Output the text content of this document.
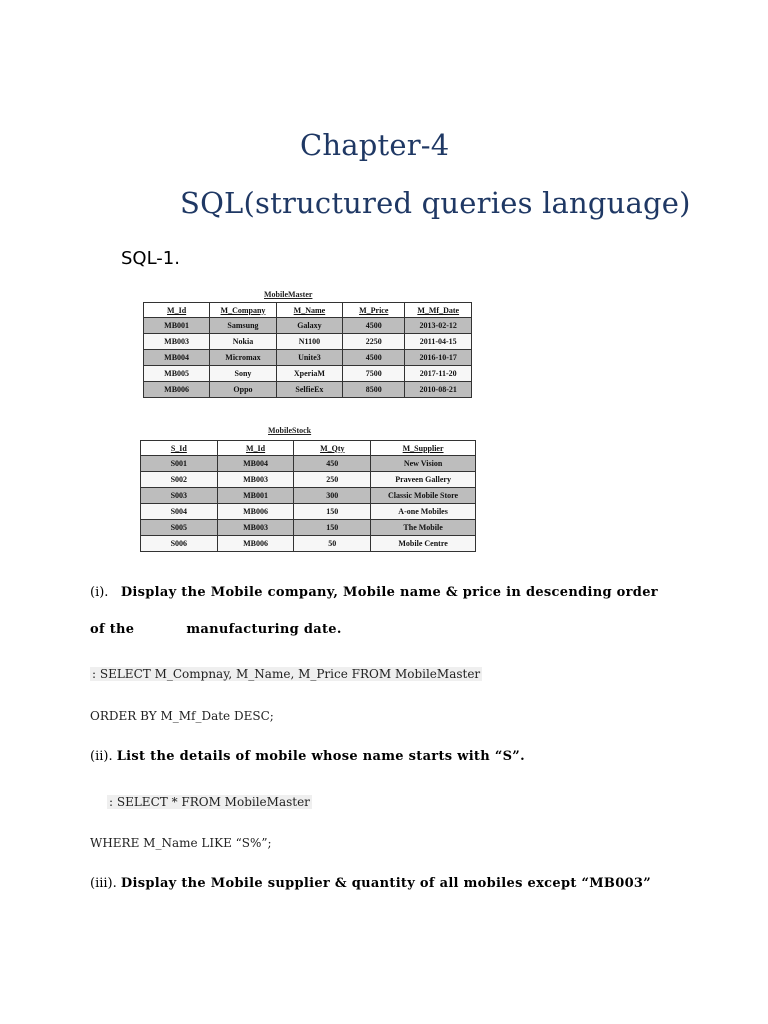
Chapter-4
SQL(structured queries language)
SQL-1.
MobileMaster
M_Id	M_Company	M_Name	M_Price	M_Mf_Date
MB001	Samsung	Galaxy	4500	2013-02-12
MB003	Nokia	N1100	2250	2011-04-15
MB004	Micromax	Unite3	4500	2016-10-17
MB005	Sony	XperiaM	7500	2017-11-20
MB006	Oppo	SelfieEx	8500	2010-08-21
MobileStock
S_Id	M_Id	M_Qty	M_Supplier
S001	MB004	450	New Vision
S002	MB003	250	Praveen Gallery
S003	MB001	300	Classic Mobile Store
S004	MB006	150	A-one Mobiles
S005	MB003	150	The Mobile
S006	MB006	50	Mobile Centre
(i). Display the Mobile company, Mobile name & price in descending order
of the	manufacturing date.
: SELECT M_Compnay, M_Name, M_Price FROM MobileMaster
ORDER BY M_Mf_Date DESC;
(ii). List the details of mobile whose name starts with “S”.
: SELECT * FROM MobileMaster
WHERE M_Name LIKE “S%”;
(iii). Display the Mobile supplier & quantity of all mobiles except “MB003”
